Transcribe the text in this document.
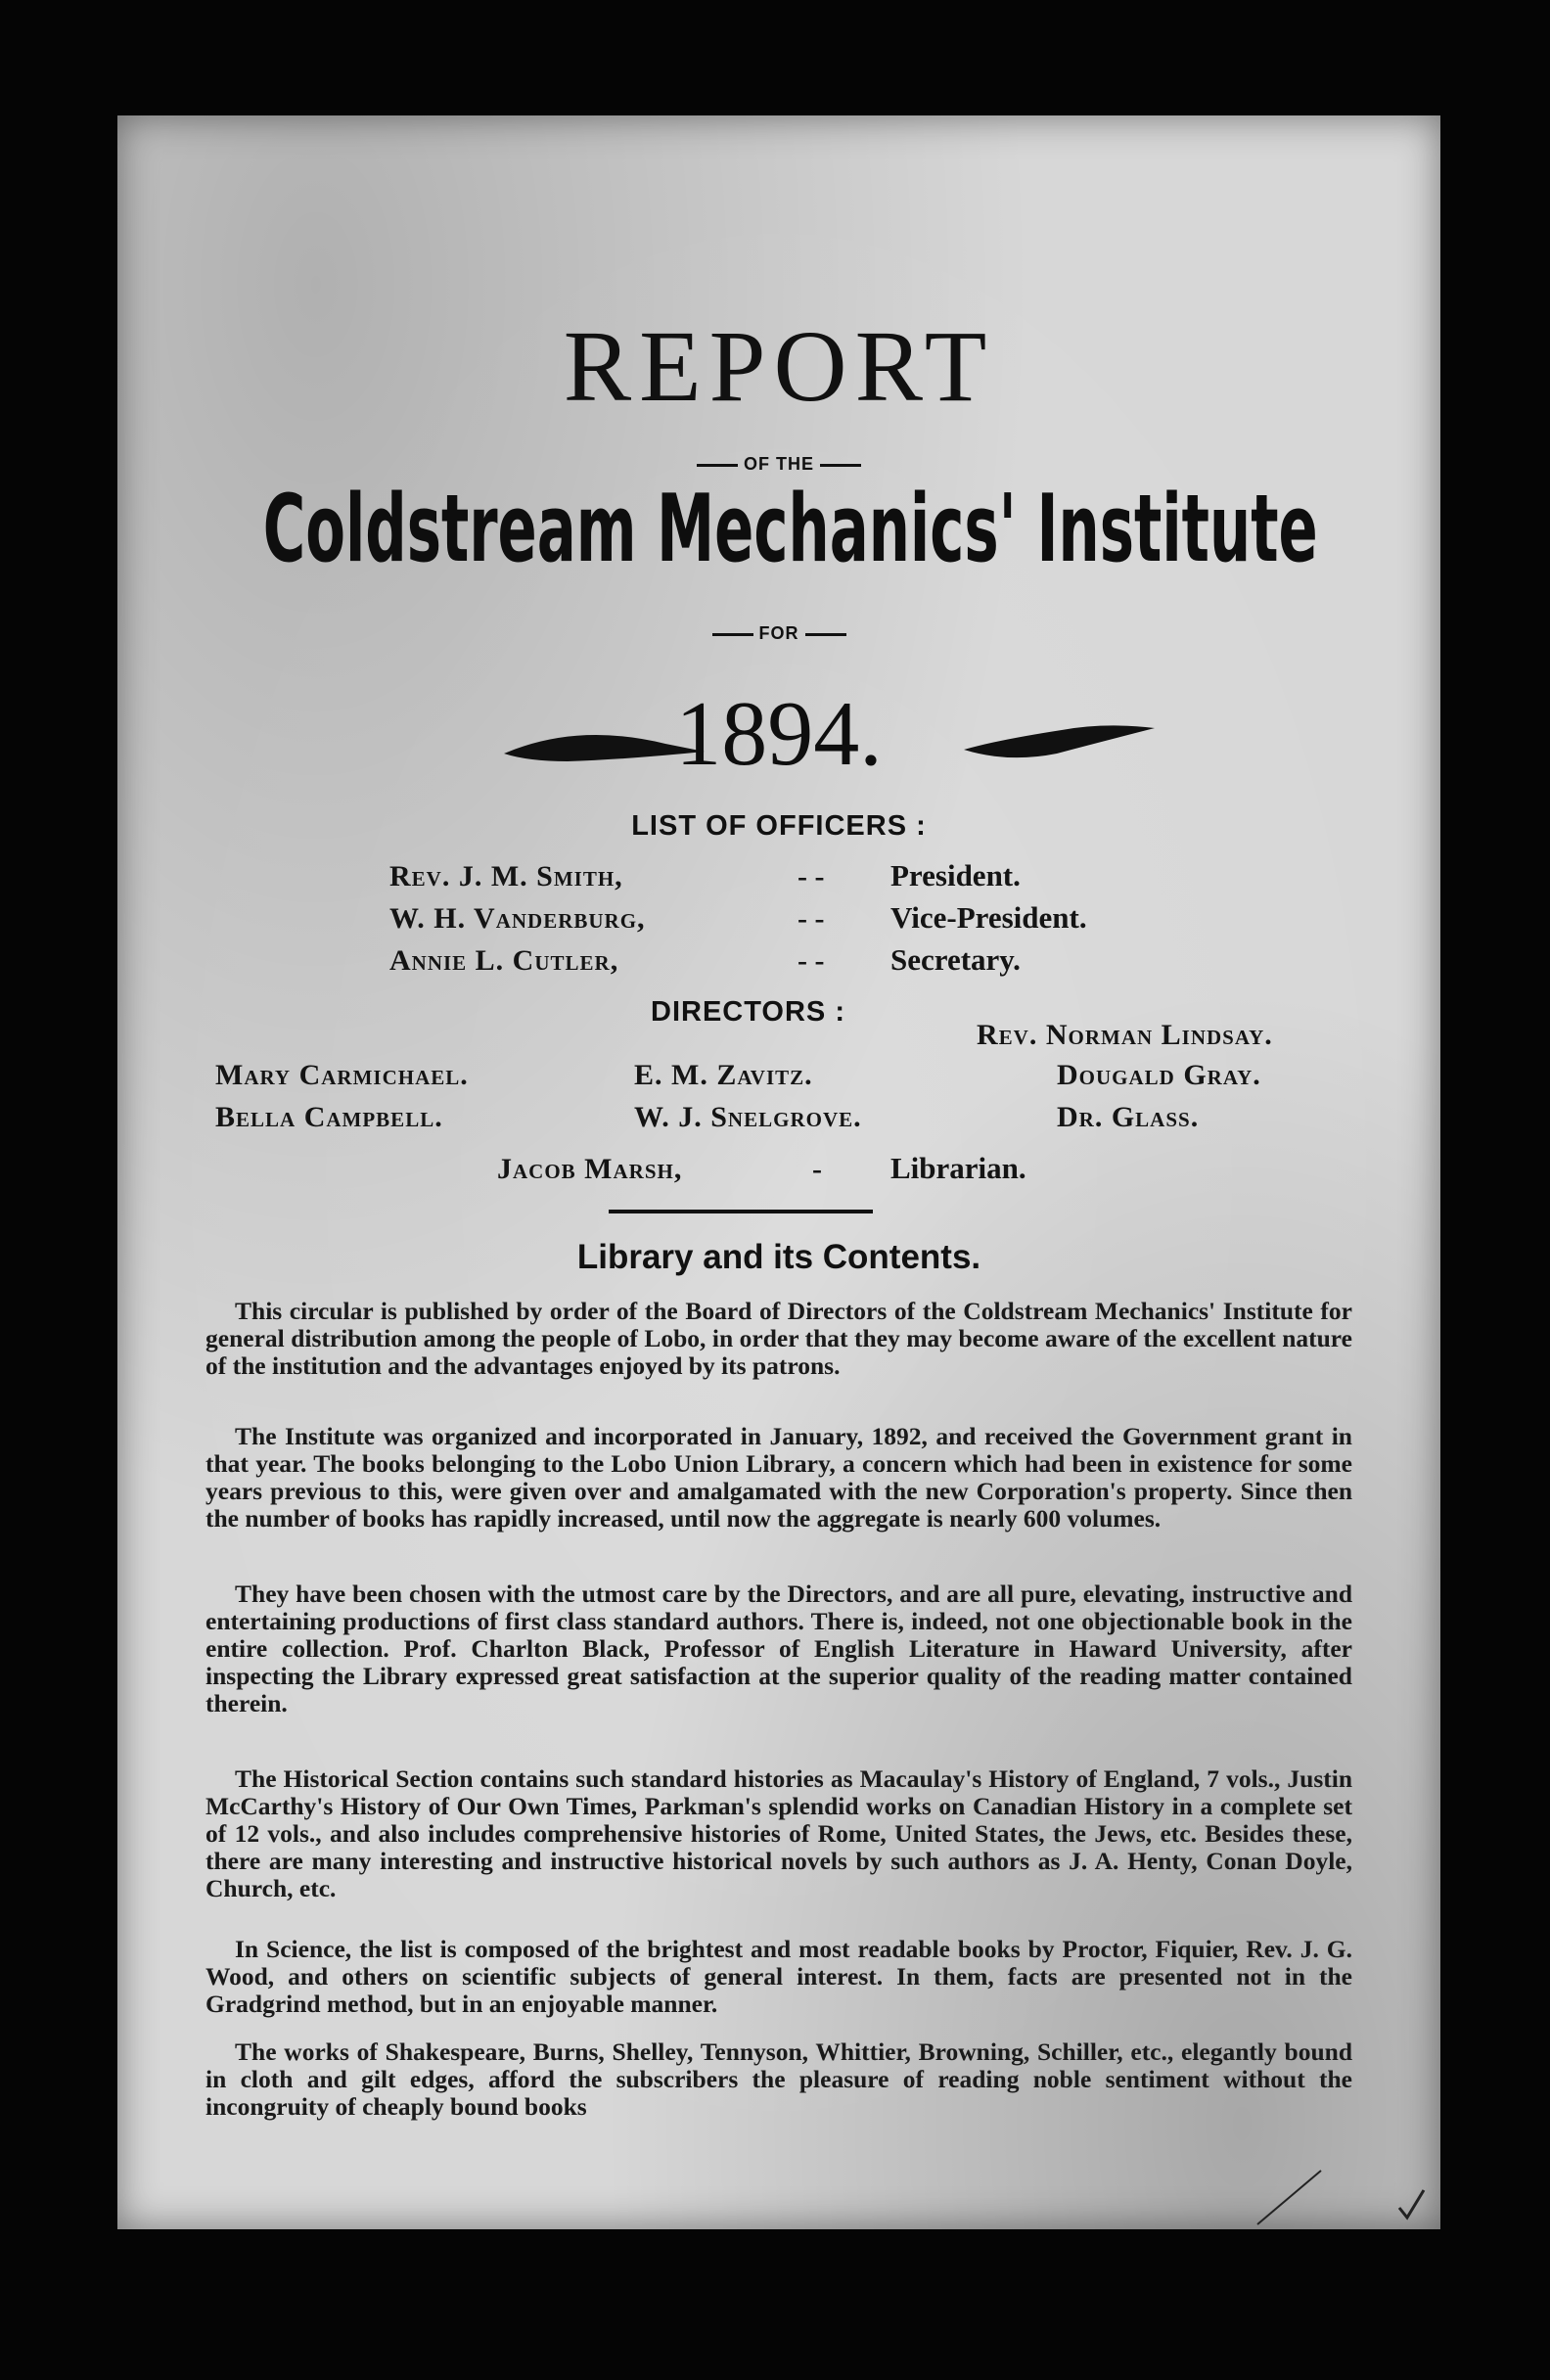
REPORT
OF THE
Coldstream Mechanics' Institute
FOR
1894.
LIST OF OFFICERS :
Rev. J. M. Smith,	- - President.
W. H. Vanderburg,	- - Vice-President.
Annie L. Cutler,	- - Secretary.
DIRECTORS :
Rev. Norman Lindsay.
Mary Carmichael.	E. M. Zavitz.	Dougald Gray.
Bella Campbell.	W. J. Snelgrove.	Dr. Glass.
Jacob Marsh,	- Librarian.
Library and its Contents.

This circular is published by order of the Board of Directors of the Coldstream Mechanics' Institute for general distribution among the people of Lobo, in order that they may become aware of the excellent nature of the institution and the advantages enjoyed by its patrons.

The Institute was organized and incorporated in January, 1892, and received the Government grant in that year. The books belonging to the Lobo Union Library, a concern which had been in existence for some years previous to this, were given over and amalgamated with the new Corporation's property. Since then the number of books has rapidly increased, until now the aggregate is nearly 600 volumes.

They have been chosen with the utmost care by the Directors, and are all pure, elevating, instructive and entertaining productions of first class standard authors. There is, indeed, not one objectionable book in the entire collection. Prof. Charlton Black, Professor of English Literature in Haward University, after inspecting the Library expressed great satisfaction at the superior quality of the reading matter contained therein.

The Historical Section contains such standard histories as Macaulay's History of England, 7 vols., Justin McCarthy's History of Our Own Times, Parkman's splendid works on Canadian History in a complete set of 12 vols., and also includes comprehensive histories of Rome, United States, the Jews, etc. Besides these, there are many interesting and instructive historical novels by such authors as J. A. Henty, Conan Doyle, Church, etc.

In Science, the list is composed of the brightest and most readable books by Proctor, Fiquier, Rev. J. G. Wood, and others on scientific subjects of general interest. In them, facts are presented not in the Gradgrind method, but in an enjoyable manner.

The works of Shakespeare, Burns, Shelley, Tennyson, Whittier, Browning, Schiller, etc., elegantly bound in cloth and gilt edges, afford the subscribers the pleasure of reading noble sentiment without the incongruity of cheaply bound books
